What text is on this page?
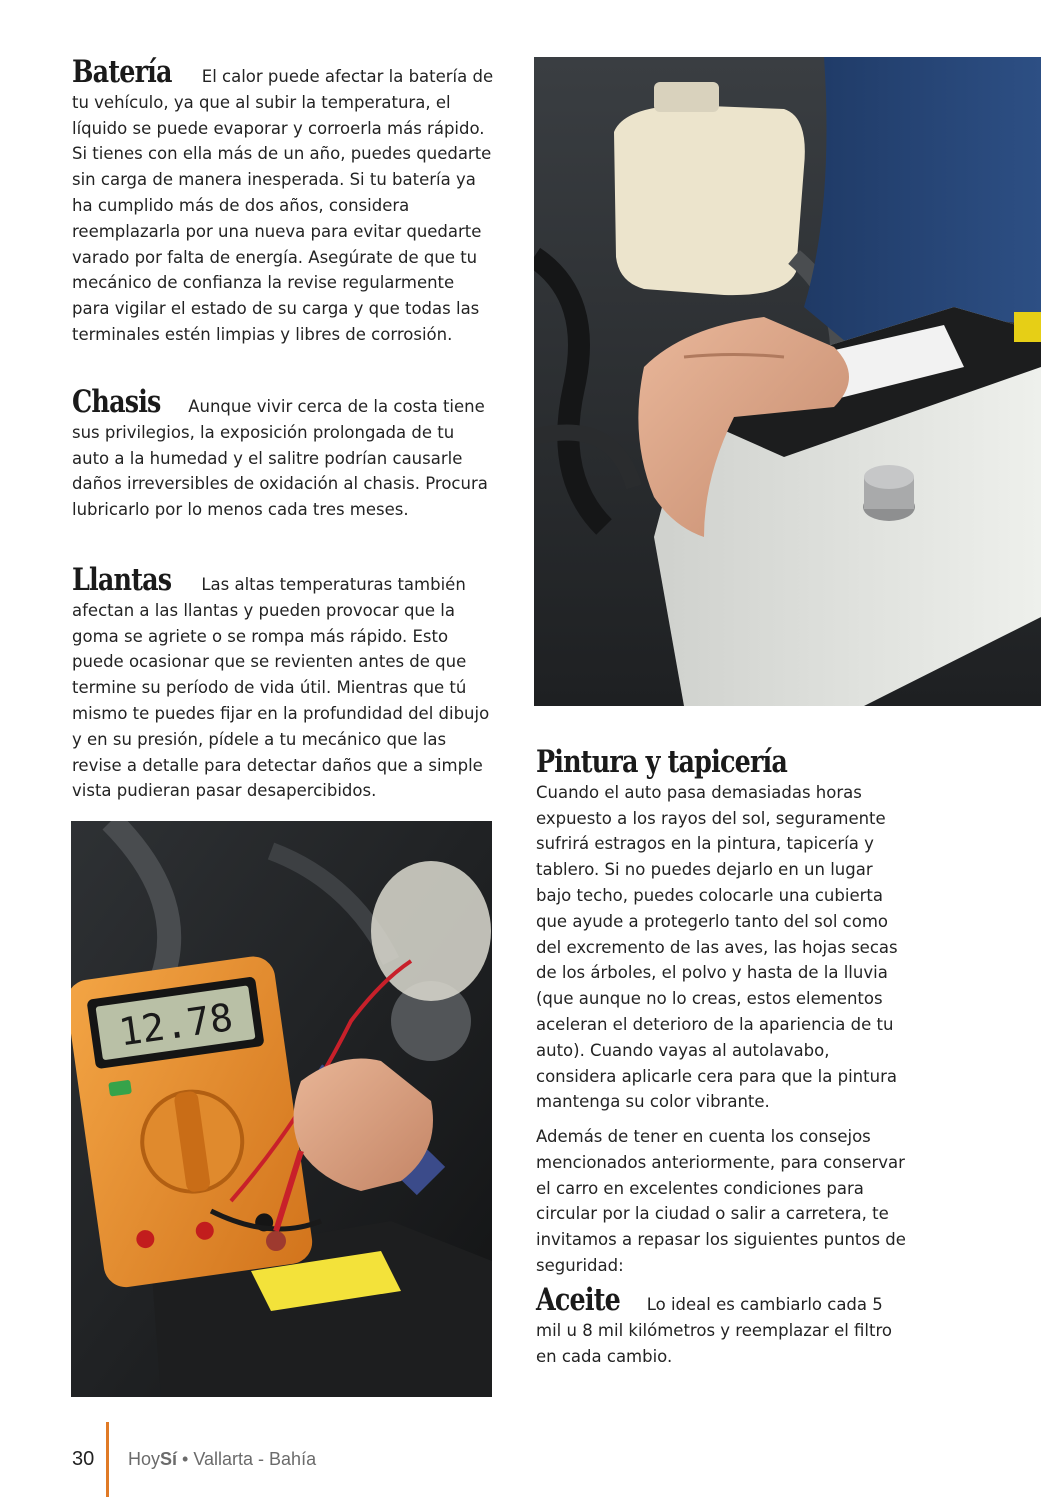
Batería El calor puede afectar la batería de tu vehículo, ya que al subir la temperatura, el líquido se puede evaporar y corroerla más rápido. Si tienes con ella más de un año, puedes quedarte sin carga de manera inesperada. Si tu batería ya ha cumplido más de dos años, considera reemplazarla por una nueva para evitar quedarte varado por falta de energía. Asegúrate de que tu mecánico de confianza la revise regularmente para vigilar el estado de su carga y que todas las terminales estén limpias y libres de corrosión.
Chasis Aunque vivir cerca de la costa tiene sus privilegios, la exposición prolongada de tu auto a la humedad y el salitre podrían causarle daños irreversibles de oxidación al chasis. Procura lubricarlo por lo menos cada tres meses.
Llantas Las altas temperaturas también afectan a las llantas y pueden provocar que la goma se agriete o se rompa más rápido. Esto puede ocasionar que se revienten antes de que termine su período de vida útil. Mientras que tú mismo te puedes fijar en la profundidad del dibujo y en su presión, pídele a tu mecánico que las revise a detalle para detectar daños que a simple vista pudieran pasar desapercibidos.
12.78
Pintura y tapicería Cuando el auto pasa demasiadas horas expuesto a los rayos del sol, seguramente sufrirá estragos en la pintura, tapicería y tablero. Si no puedes dejarlo en un lugar bajo techo, puedes colocarle una cubierta que ayude a protegerlo tanto del sol como del excremento de las aves, las hojas secas de los árboles, el polvo y hasta de la lluvia (que aunque no lo creas, estos elementos aceleran el deterioro de la apariencia de tu auto). Cuando vayas al autolavabo, considera aplicarle cera para que la pintura mantenga su color vibrante.
Además de tener en cuenta los consejos mencionados anteriormente, para conservar el carro en excelentes condiciones para circular por la ciudad o salir a carretera, te invitamos a repasar los siguientes puntos de seguridad:
Aceite Lo ideal es cambiarlo cada 5 mil u 8 mil kilómetros y reemplazar el filtro en cada cambio.
30 HoySí • Vallarta - Bahía
